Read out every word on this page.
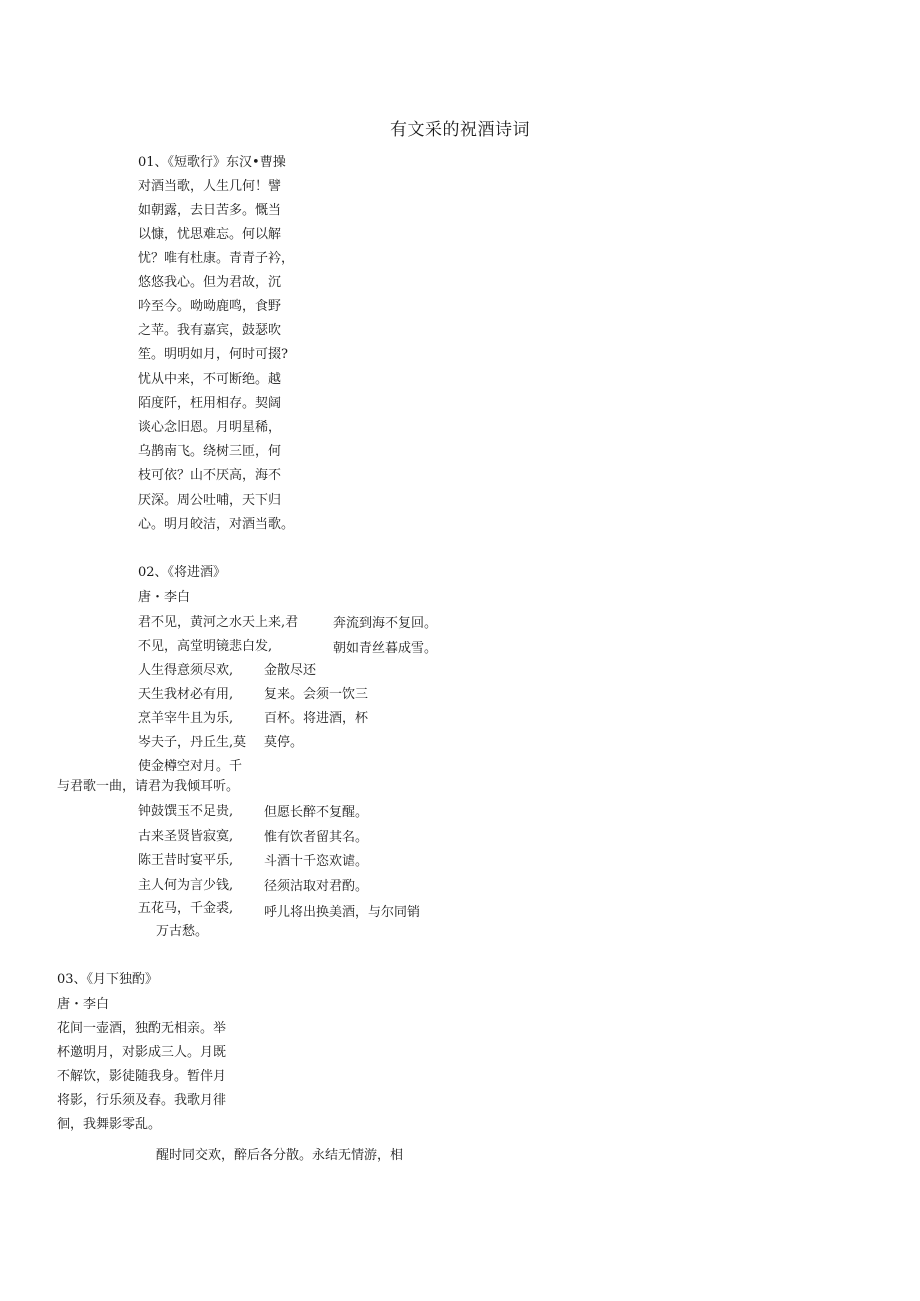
有文采的祝酒诗词
01、《短歌行》东汉•曹操
对酒当歌，人生几何！譬
如朝露，去日苦多。慨当
以慷，忧思难忘。何以解
忧？唯有杜康。青青子衿，
悠悠我心。但为君故，沉
吟至今。呦呦鹿鸣，食野
之苹。我有嘉宾，鼓瑟吹
笙。明明如月，何时可掇?
忧从中来，不可断绝。越
陌度阡，枉用相存。契阔
谈心念旧恩。月明星稀，
乌鹊南飞。绕树三匝，何
枝可依？山不厌高，海不
厌深。周公吐哺，天下归
心。明月皎洁，对酒当歌。
02、《将进酒》
唐・李白
君不见，黄河之水天上来,君	奔流到海不复回。
不见，高堂明镜悲白发,	朝如青丝暮成雪。
人生得意须尽欢, 金散尽还
天生我材必有用, 复来。会须一饮三
烹羊宰牛且为乐, 百杯。将进酒，杯
岑夫子，丹丘生,莫 莫停。
使金樽空对月。千
与君歌一曲，请君为我倾耳听。
钟鼓馔玉不足贵, 但愿长醉不复醒。
古来圣贤皆寂寞, 惟有饮者留其名。
陈王昔时宴平乐, 斗酒十千恣欢谑。
主人何为言少钱, 径须沽取对君酌。
五花马，千金裘, 呼儿将出换美酒，与尔同销
万古愁。
03、《月下独酌》
唐・李白
花间一壶酒，独酌无相亲。举
杯邀明月，对影成三人。月既
不解饮，影徒随我身。暂伴月
将影，行乐须及春。我歌月徘
徊，我舞影零乱。
醒时同交欢，醉后各分散。永结无情游，相
